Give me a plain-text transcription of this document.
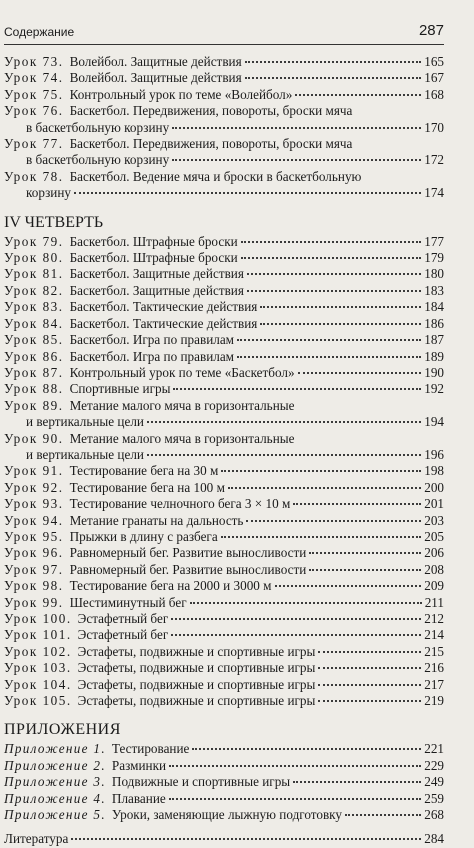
Содержание	287
Урок 73. Волейбол. Защитные действия	165
Урок 74. Волейбол. Защитные действия	167
Урок 75. Контрольный урок по теме «Волейбол»	168
Урок 76. Баскетбол. Передвижения, повороты, броски мяча
в баскетбольную корзину	170
Урок 77. Баскетбол. Передвижения, повороты, броски мяча
в баскетбольную корзину	172
Урок 78. Баскетбол. Ведение мяча и броски в баскетбольную
корзину	174
IV ЧЕТВЕРТЬ
Урок 79. Баскетбол. Штрафные броски	177
Урок 80. Баскетбол. Штрафные броски	179
Урок 81. Баскетбол. Защитные действия	180
Урок 82. Баскетбол. Защитные действия	183
Урок 83. Баскетбол. Тактические действия	184
Урок 84. Баскетбол. Тактические действия	186
Урок 85. Баскетбол. Игра по правилам	187
Урок 86. Баскетбол. Игра по правилам	189
Урок 87. Контрольный урок по теме «Баскетбол»	190
Урок 88. Спортивные игры	192
Урок 89. Метание малого мяча в горизонтальные
и вертикальные цели	194
Урок 90. Метание малого мяча в горизонтальные
и вертикальные цели	196
Урок 91. Тестирование бега на 30 м	198
Урок 92. Тестирование бега на 100 м	200
Урок 93. Тестирование челночного бега 3 × 10 м	201
Урок 94. Метание гранаты на дальность	203
Урок 95. Прыжки в длину с разбега	205
Урок 96. Равномерный бег. Развитие выносливости	206
Урок 97. Равномерный бег. Развитие выносливости	208
Урок 98. Тестирование бега на 2000 и 3000 м	209
Урок 99. Шестиминутный бег	211
Урок 100. Эстафетный бег	212
Урок 101. Эстафетный бег	214
Урок 102. Эстафеты, подвижные и спортивные игры	215
Урок 103. Эстафеты, подвижные и спортивные игры	216
Урок 104. Эстафеты, подвижные и спортивные игры	217
Урок 105. Эстафеты, подвижные и спортивные игры	219
ПРИЛОЖЕНИЯ
Приложение 1. Тестирование	221
Приложение 2. Разминки	229
Приложение 3. Подвижные и спортивные игры	249
Приложение 4. Плавание	259
Приложение 5. Уроки, заменяющие лыжную подготовку	268
Литература	284
